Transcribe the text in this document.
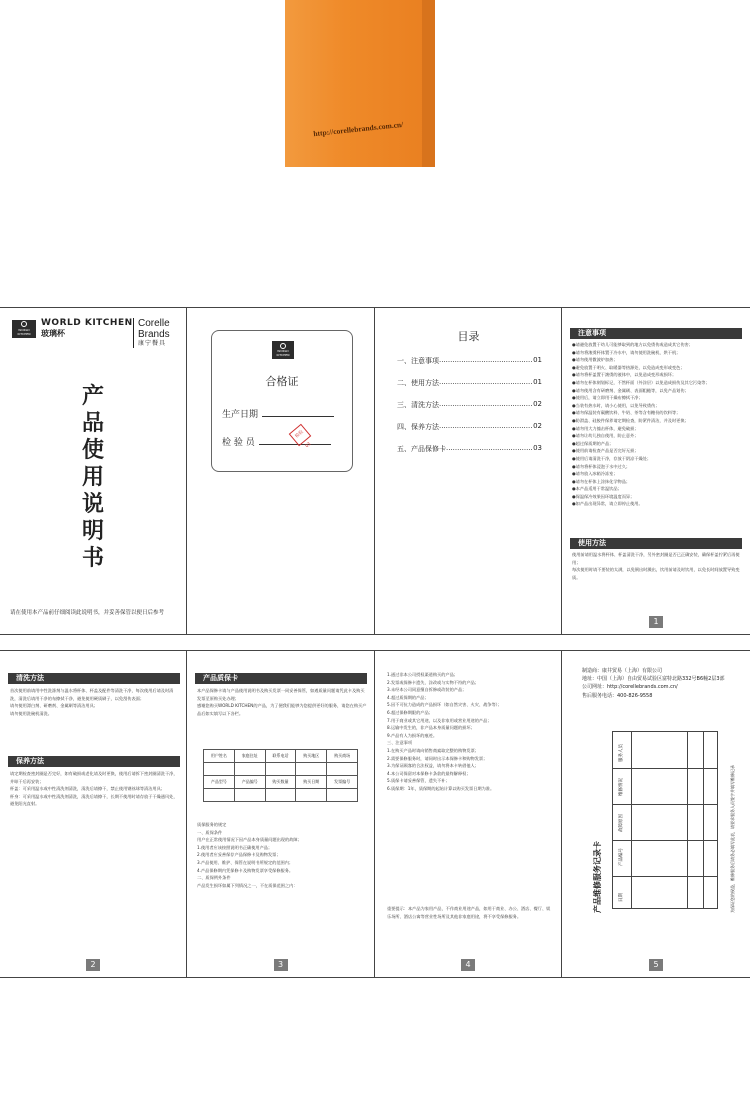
http://corellebrands.com.cn/
WORLD
KITCHEN
WORLD KITCHEN
玻璃杯
Corelle
Brands
康宁餐具
产品使用说明书
请在使用本产品前仔细阅读此说明书，并妥善保管以便日后参考
WORLD
KITCHEN
合格证
生产日期
检 验 员
检验01
目录
一、注意事项 .....	01
二、使用方法 .....	01
三、清洗方法 .....	02
四、保养方法 .....	02
五、产品保修卡 .....	03
注意事项

●请避免放置于幼儿可能够取到的地方以免烫伤或造成其它伤害；

●请勿将滚烫杯体置于冷水中，请勿使用洗碗机、烘干机；

●请勿使用微波炉加热；

●避免放置于明火、取暖器等热源处，以免造成变形或变色；

●请勿将杯盖置于滚烫的液体中，以免造成变形或损坏；

●请勿在杯体刻划标记，不然杯面（外涂层）以免造成损伤及其它污染等；

●请勿使用含有研磨剂、金属刷、表面粗糙等，以免产品划伤；

●使用后，请立即用干燥布擦拭干净；

●当装有热水时，请小心使用，以免导致烫伤；

●请勿保温装有碳酸饮料、牛奶、茶等含有糖份的饮料等；

●防滑盖、硅胶件保养请定期检查，防紧件清洁，并及时更换；

●请勿用大力撞击杯体，避免破损；

●请勿让幼儿独自使用，防止意外；

●超过保质期的产品；

●使用前请检查产品是否完好无损；

●使用后请清洗干净，存放于阴凉干燥处；

●请勿将杯体浸泡于水中过久；

●请勿放入冰箱冷冻室；

●请勿在杯体上涂抹化学物品；

●本产品适用于常温饮品；

●保温保冷效果因环境温度而异；

●如产品出现异常，请立即停止使用。

使用方法

使用前请用温水将杯体、杯盖清洗干净，另外密封圈是否已正确安装，确保杯盖拧紧后再使用；

每次使用时请不要装的太满，以免倒出时溅出，饮用前请及时饮用，以免长时间放置导致变质。

1
清洗方法

首次使用前请用中性洗涤剂与温水将杯体、杯盖及配件等清洗干净，每次使用后请及时清洗，清洗后请用干净的布擦拭干净，避免使用硬质刷子，以免刮伤表面；

请勿使用漂白剂、研磨剂、金属刷等清洁用具；

请勿使用洗碗机清洗。

保养方法

请定期检查密封圈是否完好，如有破损或老化请及时更换，使用后请拆下密封圈清洗干净，并晾干后再安装；

杯盖：可采用温水或中性清洗剂清洗，清洗后请擦干，禁止使用钢丝球等清洁用具；

杯身：可采用温水或中性清洗剂清洗，清洗后请擦干，长期不使用时请存放于干燥通风处，避免阳光直射。

2
产品质保卡

本产品保修卡请与产品使用说明书及购买发票一同妥善保管，如遇质量问题请凭此卡及购买发票至原购买处办理；

感谢您购买WORLD KITCHEN的产品，为了便我们能够为您提供更好的服务，请您在购买产品后如实填写以下各栏。

用户姓名	家庭住址	联系电话	购买地区	购买商场

产品型号	产品编号	购买数量	购买日期	发票编号

质保服务的规定

一、质保条件

用户在正常使用情况下因产品本身质量问题出现的故障；

1.使用者应该按照说明书正确使用产品；

2.使用者应妥善保存产品保修卡及购物发票；

3.产品使用、维护、保管在说明书所规定的范围内；

4.产品保修期内凭保修卡及购物发票享受保修服务。

二、质保例外条件

产品发生损坏如属下列情况之一，不在质保范围之内：

3

1.通过非本公司授权渠道购买的产品；

2.发票或保修卡遗失、涂改或与实物不符的产品；

3.未经本公司同意擅自拆修或改装的产品；

4.超过质保期的产品；

5.因不可抗力造成的产品损坏（如自然灾害、火灾、战争等）；

6.超过保修期限的产品；

7.用于商业或其它用途，以及非家用或营业用途的产品；

8.运输中发生的，非产品本身质量问题的损坏；

9.产品有人为损坏的痕迹。

三、注意事项

1.在购买产品时请向销售商索取完整的购物发票；

2.需要保修服务时，请同时出示本保修卡和购物发票；

3.为保证顾客的合法权益，请勿将本卡转借他人；

4.本公司保留对本保修卡条款的最终解释权；

5.质保卡请妥善保管，遗失不补；

6.质保期：1年，质保期的起始计算以购买发票日期为准。

重要提示：本产品为家用产品，不作商业用途产品，如用于商业、办公、酒店、餐厅、娱乐场所、酒店公寓等营业性场所及其他非家庭用途，将不享受保修服务。
4

制造商：康井贸易（上海）有限公司

地址：中国（上海）自由贸易试验区富特北路332号B6幢2层3部

公司网址：http://corellebrands.com.cn/

售后服务电话：400-826-9558

日期
产品编号
故障原因
维修情况
服务人员
产品维修服务记录卡	为保证您的权益，维修服务后请务必填写此表，请要求服务人员签字并填写维修记录
5
